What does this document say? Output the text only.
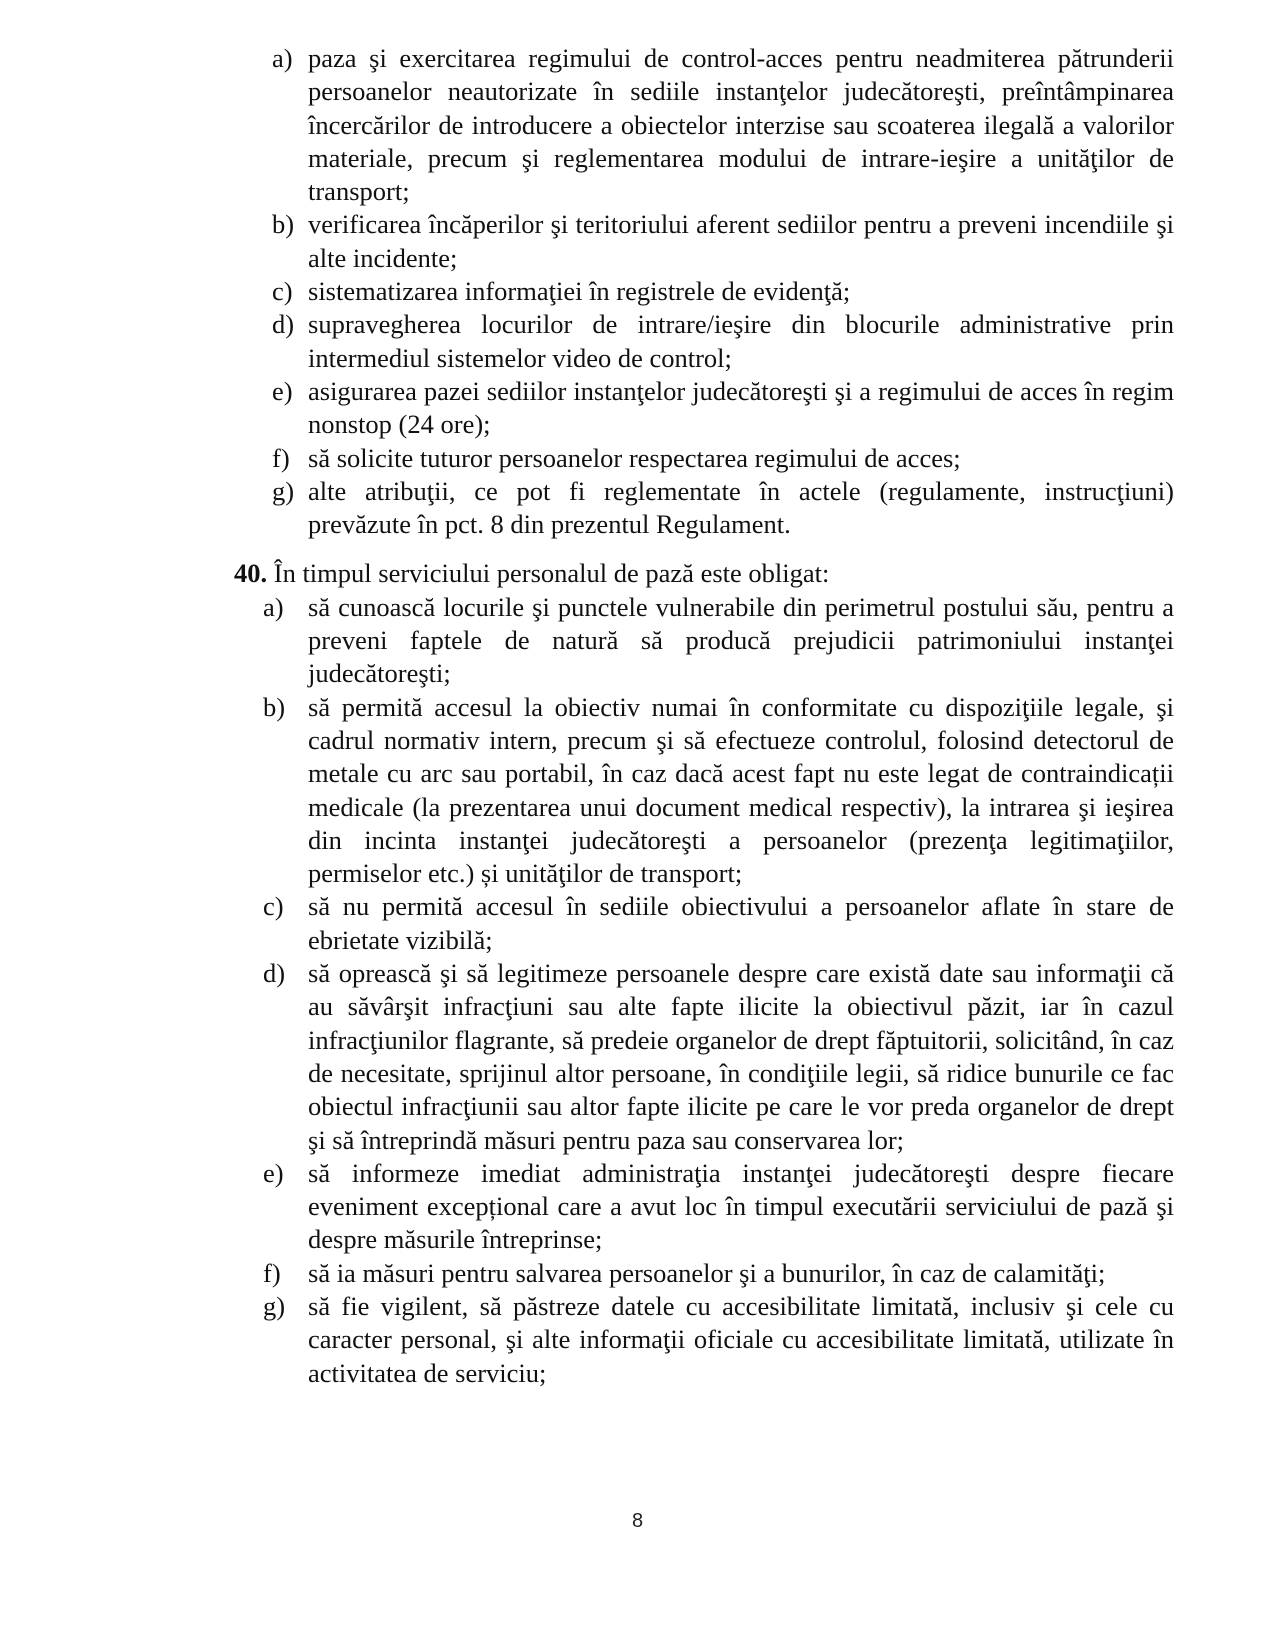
a) paza şi exercitarea regimului de control-acces pentru neadmiterea pătrunderii persoanelor neautorizate în sediile instanţelor judecătoreşti, preîntâmpinarea încercărilor de introducere a obiectelor interzise sau scoaterea ilegală a valorilor materiale, precum şi reglementarea modului de intrare-ieşire a unităţilor de transport;
b) verificarea încăperilor şi teritoriului aferent sediilor pentru a preveni incendiile şi alte incidente;
c) sistematizarea informaţiei în registrele de evidenţă;
d) supravegherea locurilor de intrare/ieşire din blocurile administrative prin intermediul sistemelor video de control;
e) asigurarea pazei sediilor instanţelor judecătoreşti şi a regimului de acces în regim nonstop (24 ore);
f) să solicite tuturor persoanelor respectarea regimului de acces;
g) alte atribuţii, ce pot fi reglementate în actele (regulamente, instrucţiuni) prevăzute în pct. 8 din prezentul Regulament.

40. În timpul serviciului personalul de pază este obligat:

a) să cunoască locurile şi punctele vulnerabile din perimetrul postului său, pentru a preveni faptele de natură să producă prejudicii patrimoniului instanţei judecătoreşti;
b) să permită accesul la obiectiv numai în conformitate cu dispoziţiile legale, şi cadrul normativ intern, precum şi să efectueze controlul, folosind detectorul de metale cu arc sau portabil, în caz dacă acest fapt nu este legat de contraindicații medicale (la prezentarea unui document medical respectiv), la intrarea şi ieşirea din incinta instanţei judecătoreşti a persoanelor (prezenţa legitimaţiilor, permiselor etc.) și unităţilor de transport;
c) să nu permită accesul în sediile obiectivului a persoanelor aflate în stare de ebrietate vizibilă;
d) să oprească şi să legitimeze persoanele despre care există date sau informaţii că au săvârşit infracţiuni sau alte fapte ilicite la obiectivul păzit, iar în cazul infracţiunilor flagrante, să predeie organelor de drept făptuitorii, solicitând, în caz de necesitate, sprijinul altor persoane, în condiţiile legii, să ridice bunurile ce fac obiectul infracţiunii sau altor fapte ilicite pe care le vor preda organelor de drept şi să întreprindă măsuri pentru paza sau conservarea lor;
e) să informeze imediat administraţia instanţei judecătoreşti despre fiecare eveniment excepțional care a avut loc în timpul executării serviciului de pază şi despre măsurile întreprinse;
f) să ia măsuri pentru salvarea persoanelor şi a bunurilor, în caz de calamităţi;
g) să fie vigilent, să păstreze datele cu accesibilitate limitată, inclusiv şi cele cu caracter personal, şi alte informaţii oficiale cu accesibilitate limitată, utilizate în activitatea de serviciu;
8
